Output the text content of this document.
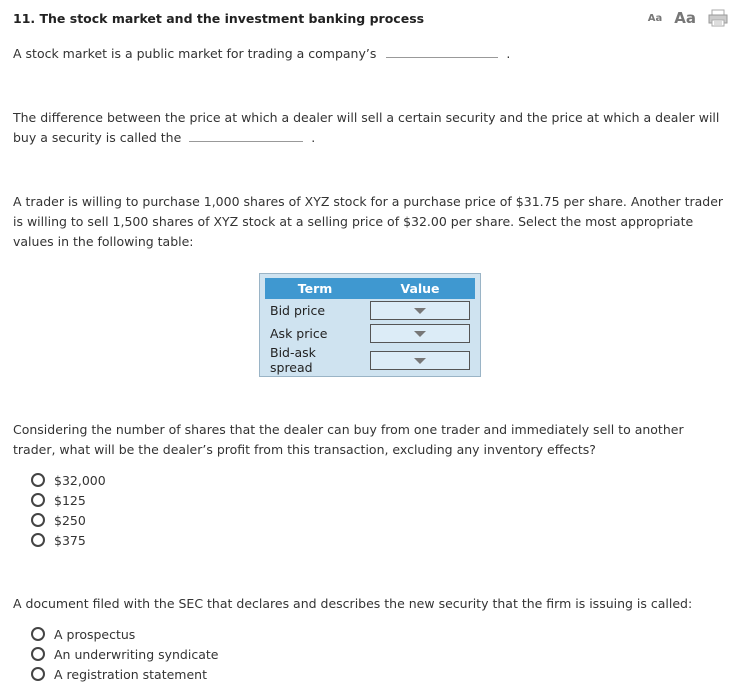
11. The stock market and the investment banking process	Aa Aa
A stock market is a public market for trading a company’s	.
The difference between the price at which a dealer will sell a certain security and the price at which a dealer will buy a security is called the	.
A trader is willing to purchase 1,000 shares of XYZ stock for a purchase price of $31.75 per share. Another trader is willing to sell 1,500 shares of XYZ stock at a selling price of $32.00 per share. Select the most appropriate values in the following table:
Term	Value
Bid price	

Ask price	

Bid-ask spread	
Considering the number of shares that the dealer can buy from one trader and immediately sell to another trader, what will be the dealer’s profit from this transaction, excluding any inventory effects?
$32,000
$125
$250
$375
A document filed with the SEC that declares and describes the new security that the firm is issuing is called:
A prospectus
An underwriting syndicate
A registration statement
